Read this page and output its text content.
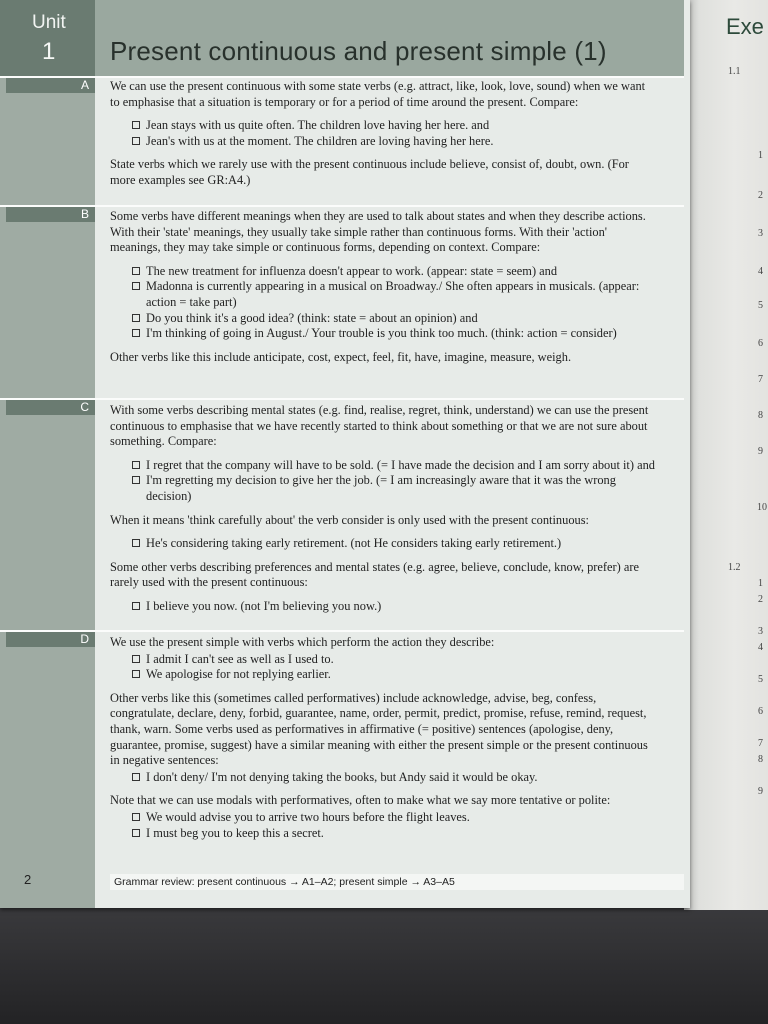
Unit
1 Present continuous and present simple (1)
A	We can use the present continuous with some state verbs (e.g. attract, like, look, love, sound) when we want to emphasise that a situation is temporary or for a period of time around the present. Compare:

Jean stays with us quite often. The children love having her here. and
Jean's with us at the moment. The children are loving having her here.

State verbs which we rarely use with the present continuous include believe, consist of, doubt, own. (For more examples see GR:A4.)

B	Some verbs have different meanings when they are used to talk about states and when they describe actions. With their 'state' meanings, they usually take simple rather than continuous forms. With their 'action' meanings, they may take simple or continuous forms, depending on context. Compare:

The new treatment for influenza doesn't appear to work. (appear: state = seem) and
Madonna is currently appearing in a musical on Broadway./ She often appears in musicals. (appear: action = take part)
Do you think it's a good idea? (think: state = about an opinion) and
I'm thinking of going in August./ Your trouble is you think too much. (think: action = consider)

Other verbs like this include anticipate, cost, expect, feel, fit, have, imagine, measure, weigh.

C	With some verbs describing mental states (e.g. find, realise, regret, think, understand) we can use the present continuous to emphasise that we have recently started to think about something or that we are not sure about something. Compare:

I regret that the company will have to be sold. (= I have made the decision and I am sorry about it) and
I'm regretting my decision to give her the job. (= I am increasingly aware that it was the wrong decision)

When it means 'think carefully about' the verb consider is only used with the present continuous:

He's considering taking early retirement. (not He considers taking early retirement.)

Some other verbs describing preferences and mental states (e.g. agree, believe, conclude, know, prefer) are rarely used with the present continuous:

I believe you now. (not I'm believing you now.)
D	We use the present simple with verbs which perform the action they describe:

I admit I can't see as well as I used to.
We apologise for not replying earlier.

Other verbs like this (sometimes called performatives) include acknowledge, advise, beg, confess, congratulate, declare, deny, forbid, guarantee, name, order, permit, predict, promise, refuse, remind, request, thank, warn. Some verbs used as performatives in affirmative (= positive) sentences (apologise, deny, guarantee, promise, suggest) have a similar meaning with either the present simple or the present continuous in negative sentences:

I don't deny/ I'm not denying taking the books, but Andy said it would be okay.

Note that we can use modals with performatives, often to make what we say more tentative or polite:

We would advise you to arrive two hours before the flight leaves.
I must beg you to keep this a secret.
2	Grammar review: present continuous → A1–A2; present simple → A3–A5
Exe
1.1
1
2
3
4
5
6
7
8
9
10
1.2
1
2
3
4
5
6
7
8
9
